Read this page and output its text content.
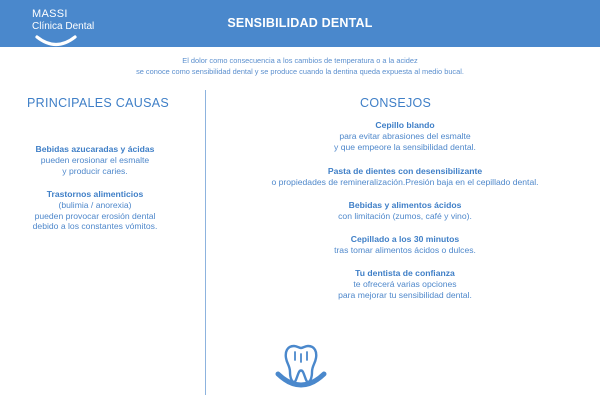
MASSI
Clínica Dental	SENSIBILIDAD DENTAL
El dolor como consecuencia a los cambios de temperatura o a la acidez
se conoce como sensibilidad dental y se produce cuando la dentina queda expuesta al medio bucal.
PRINCIPALES CAUSAS	CONSEJOS
Bebidas azucaradas y ácidas
pueden erosionar el esmalte
y producir caries.
Trastornos alimenticios
(bulimia / anorexia)
pueden provocar erosión dental
debido a los constantes vómitos.
Cepillo blando
para evitar abrasiones del esmalte
y que empeore la sensibilidad dental.
Pasta de dientes con desensibilizante
o propiedades de remineralización.Presión baja en el cepillado dental.
Bebidas y alimentos ácidos
con limitación (zumos, café y vino).
Cepillado a los 30 minutos
tras tomar alimentos ácidos o dulces.
Tu dentista de confianza
te ofrecerá varias opciones
para mejorar tu sensibilidad dental.
